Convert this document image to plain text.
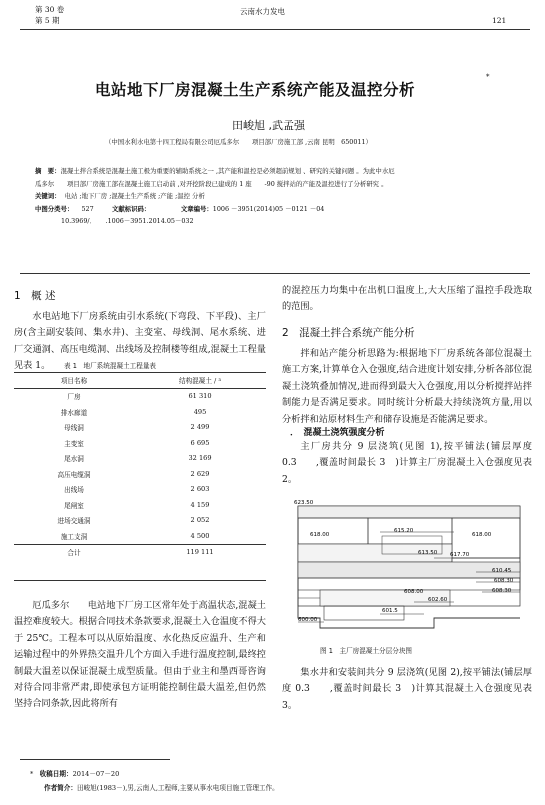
第 30 卷
第 5 期
云南水力发电
121
电站地下厂房混凝土生产系统产能及温控分析
*
田峻旭 ,武孟强
（中国水利水电第十四工程局有限公司厄瓜多尔　　项目部厂房施工部 ,云南 昆明　650011）
摘　要：混凝土拌合系统是混凝土施工极为重要的辅助系统之一 ,其产能和温控是必须超前规划 、研究的关键问题 。为此中水厄
瓜多尔　　项目部厂房施工部在混凝土施工启动前 ,对开挖阶段已建成的 1 座　　-90 搅拌站的产能及温控进行了分析研究 。
关键词： 电站 ;地下厂房 ;混凝土生产系统 ;产能 ;温控 分析
中图分类号： 527	文献标识码：	文章编号：1006 －3951(2014)05 －0121 －04
10.3969/．　　.1006－3951.2014.05－032
1　概 述

水电站地下厂房系统由引水系统(下弯段、下平段)、主厂房(含主副安装间、集水井)、主变室、母线洞、尾水系统、进厂交通洞、高压电缆洞、出线场及控制楼等组成,混凝土工程量见表 1。	表 1　地厂系统混凝土工程量表
项目名称	结构混凝土 / ³
厂房	61 310
排水廊道	495
母线洞	2 499
主变室	6 695
尾水洞	32 169
高压电缆洞	2 629
出线场	2 603
尾闸室	4 159
进场交通洞	2 052
施工支洞	4 500
合计	119 111

厄瓜多尔　　电站地下厂房工区常年处于高温状态,混凝土温控难度较大。根据合同技术条款要求,混凝土入仓温度不得大于 25℃。工程本可以从原始温度、水化热反应温升、生产和运输过程中的外界热交温升几个方面入手进行温度控制,最终控制最大温差以保证混凝土成型质量。但由于业主和墨西哥咨询对待合同非常严肃,即使承包方证明能控制住最大温差,但仍然坚持合同条款,因此将所有

的混控压力均集中在出机口温度上,大大压缩了温控手段选取的范围。

2　混凝土拌合系统产能分析

拌和站产能分析思路为:根据地下厂房系统各部位混凝土施工方案,计算单仓入仓强度,结合进度计划安排,分析各部位混凝土浇筑叠加情况,进而得到最大入仓强度,用以分析搅拌站拌制能力是否满足要求。同时统计分析最大持续浇筑方量,用以分析拌和站原材料生产和储存设施是否能满足要求。

．　混凝土浇筑强度分析

主厂房共分 9 层浇筑(见图 1),按平铺法(铺层厚度 0.3　　,覆盖时间最长 3　)计算主厂房混凝土入仓强度见表 2。

623.50
618.00	618.00
615.20
613.50 617.70
610.45
608.30
608.00	608.30
602.60
601.5
600.00
图 1　主厂房混凝土分层分块图

集水井和安装间共分 9 层浇筑(见图 2),按平铺法(铺层厚度 0.3　　,覆盖时间最长 3　)计算其混凝土入仓强度见表 3。

* 收稿日期：2014－07－20
作者简介：田峻旭(1983－),男,云南人,工程师,主要从事水电项目施工管理工作。
